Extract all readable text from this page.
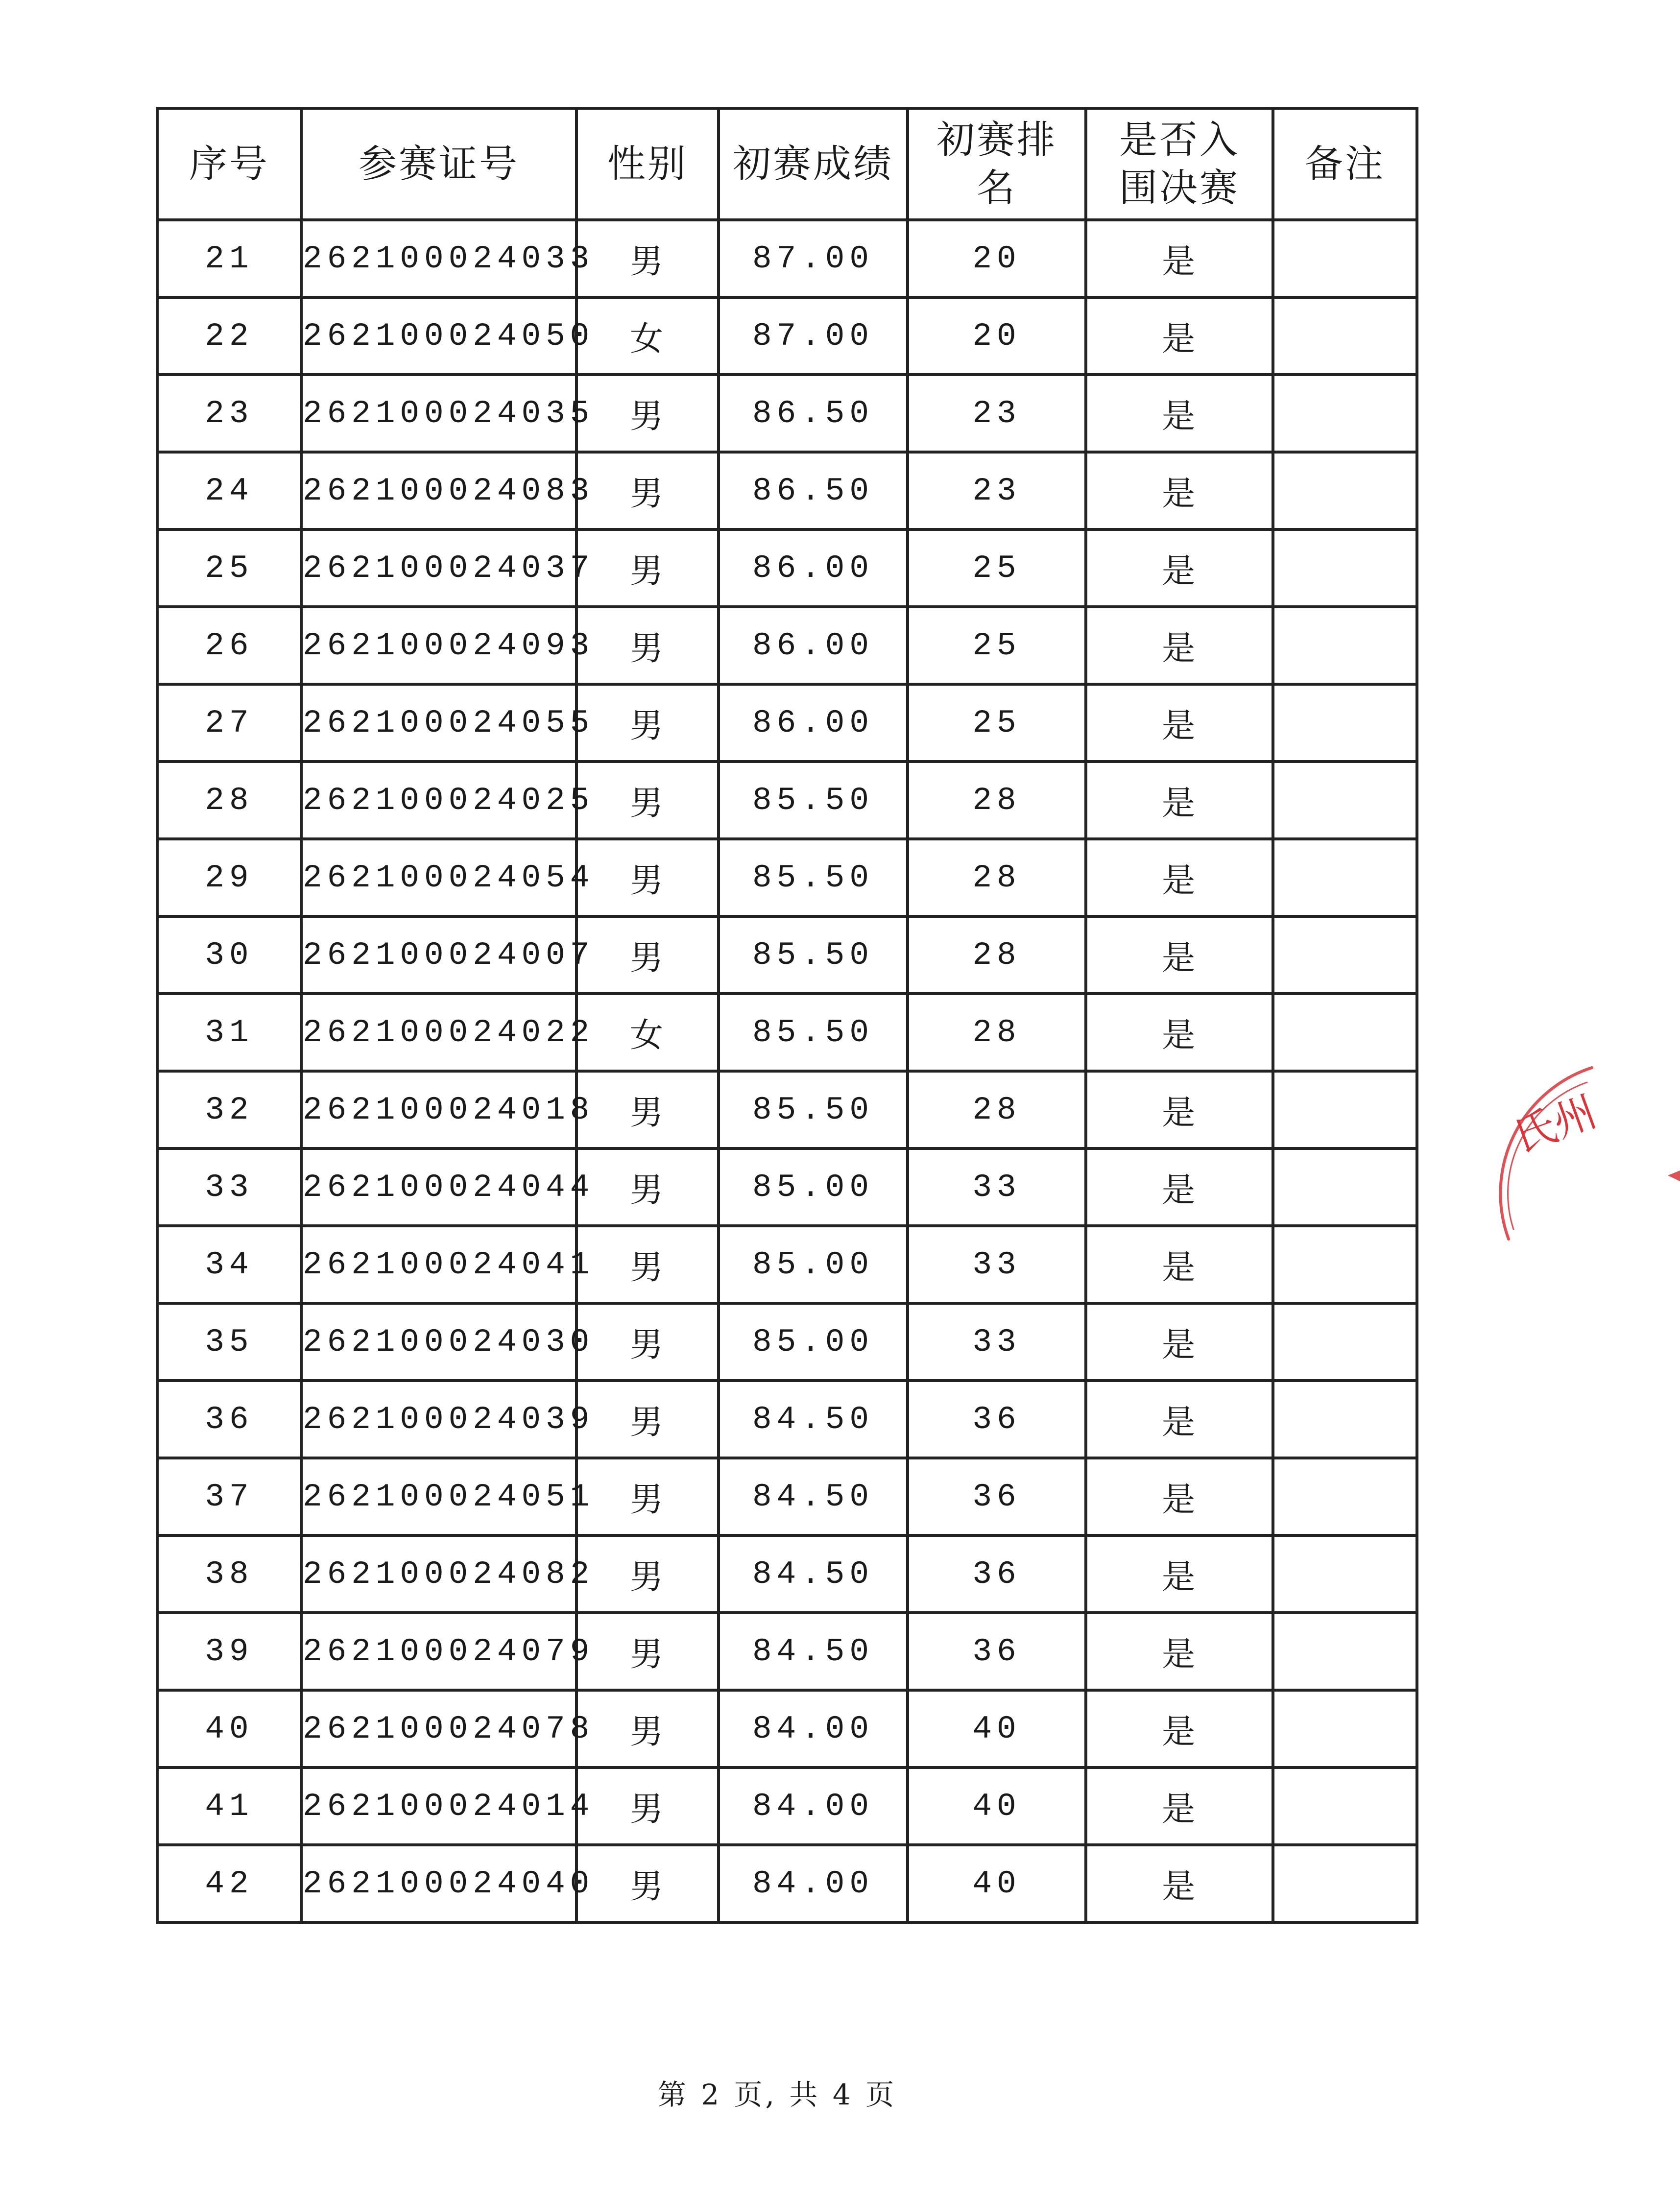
序号	参赛证号	性别	初赛成绩	初赛排名	是否入围决赛	备注
21	262100024033	男	87.00	20	是	
22	262100024050	女	87.00	20	是	
23	262100024035	男	86.50	23	是	
24	262100024083	男	86.50	23	是	
25	262100024037	男	86.00	25	是	
26	262100024093	男	86.00	25	是	
27	262100024055	男	86.00	25	是	
28	262100024025	男	85.50	28	是	
29	262100024054	男	85.50	28	是	
30	262100024007	男	85.50	28	是	
31	262100024022	女	85.50	28	是	
32	262100024018	男	85.50	28	是	
33	262100024044	男	85.00	33	是	
34	262100024041	男	85.00	33	是	
35	262100024030	男	85.00	33	是	
36	262100024039	男	84.50	36	是	
37	262100024051	男	84.50	36	是	
38	262100024082	男	84.50	36	是	
39	262100024079	男	84.50	36	是	
40	262100024078	男	84.00	40	是	
41	262100024014	男	84.00	40	是	
42	262100024040	男	84.00	40	是	
氏州
第 2 页, 共 4 页
